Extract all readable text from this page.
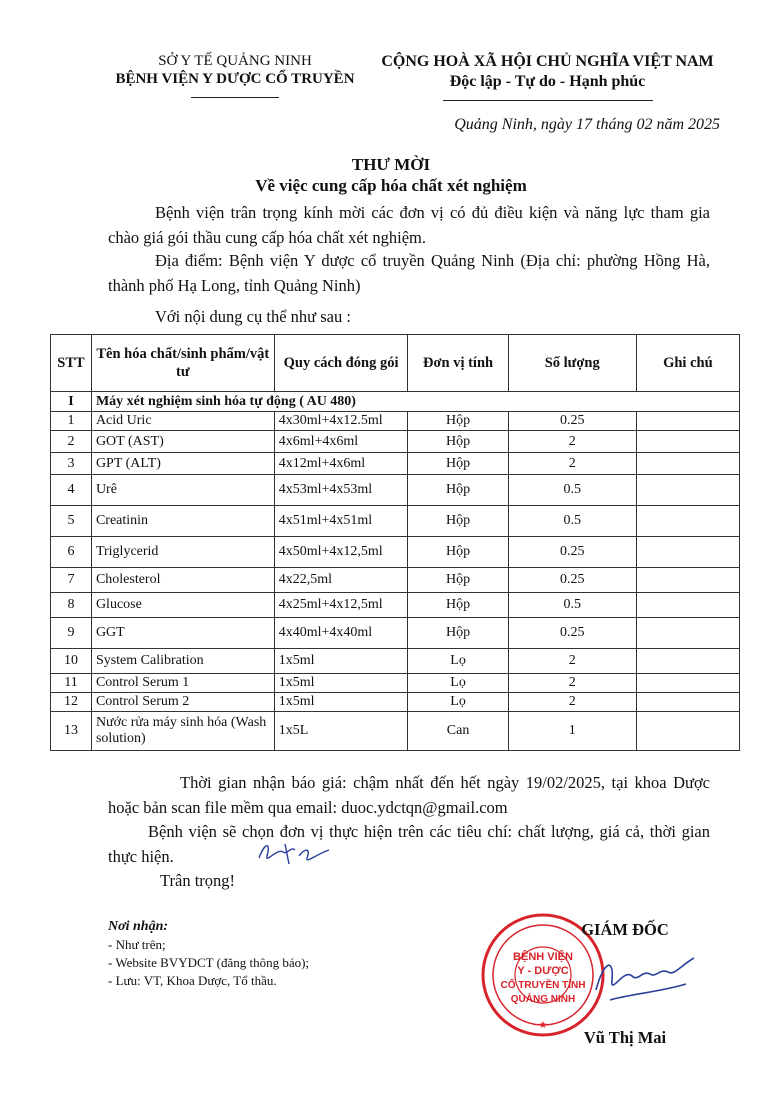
SỞ Y TẾ QUẢNG NINH
BỆNH VIỆN Y DƯỢC CỔ TRUYỀN
CỘNG HOÀ XÃ HỘI CHỦ NGHĨA VIỆT NAM
Độc lập - Tự do - Hạnh phúc
Quảng Ninh, ngày 17 tháng 02 năm 2025
THƯ MỜI
Về việc cung cấp hóa chất xét nghiệm
Bệnh viện trân trọng kính mời các đơn vị có đủ điều kiện và năng lực tham gia chào giá gói thầu cung cấp hóa chất xét nghiệm.
Địa điểm: Bệnh viện Y dược cổ truyền Quảng Ninh (Địa chỉ: phường Hồng Hà, thành phố Hạ Long, tỉnh Quảng Ninh)
Với nội dung cụ thể như sau :
STT	Tên hóa chất/sinh phẩm/vật tư	Quy cách đóng gói	Đơn vị tính	Số lượng	Ghi chú
I	Máy xét nghiệm sinh hóa tự động ( AU 480)				
1	Acid Uric	4x30ml+4x12.5ml	Hộp	0.25	
2	GOT (AST)	4x6ml+4x6ml	Hộp	2	
3	GPT (ALT)	4x12ml+4x6ml	Hộp	2	
4	Urê	4x53ml+4x53ml	Hộp	0.5	
5	Creatinin	4x51ml+4x51ml	Hộp	0.5	
6	Triglycerid	4x50ml+4x12,5ml	Hộp	0.25	
7	Cholesterol	4x22,5ml	Hộp	0.25	
8	Glucose	4x25ml+4x12,5ml	Hộp	0.5	
9	GGT	4x40ml+4x40ml	Hộp	0.25	
10	System Calibration	1x5ml	Lọ	2	
11	Control Serum 1	1x5ml	Lọ	2	
12	Control Serum 2	1x5ml	Lọ	2	
13	Nước rửa máy sinh hóa (Wash solution)	1x5L	Can	1	
Thời gian nhận báo giá: chậm nhất đến hết ngày 19/02/2025, tại khoa Dược hoặc bản scan file mềm qua email: duoc.ydctqn@gmail.com
Bệnh viện sẽ chọn đơn vị thực hiện trên các tiêu chí: chất lượng, giá cả, thời gian thực hiện.
Trân trọng!
Nơi nhận:
- Như trên;
- Website BVYDCT (đăng thông báo);
- Lưu: VT, Khoa Dược, Tổ thầu.
BỆNH VIỆN
Y - DƯỢC
CỔ TRUYỀN TỈNH
QUẢNG NINH
★
GIÁM ĐỐC
Vũ Thị Mai
